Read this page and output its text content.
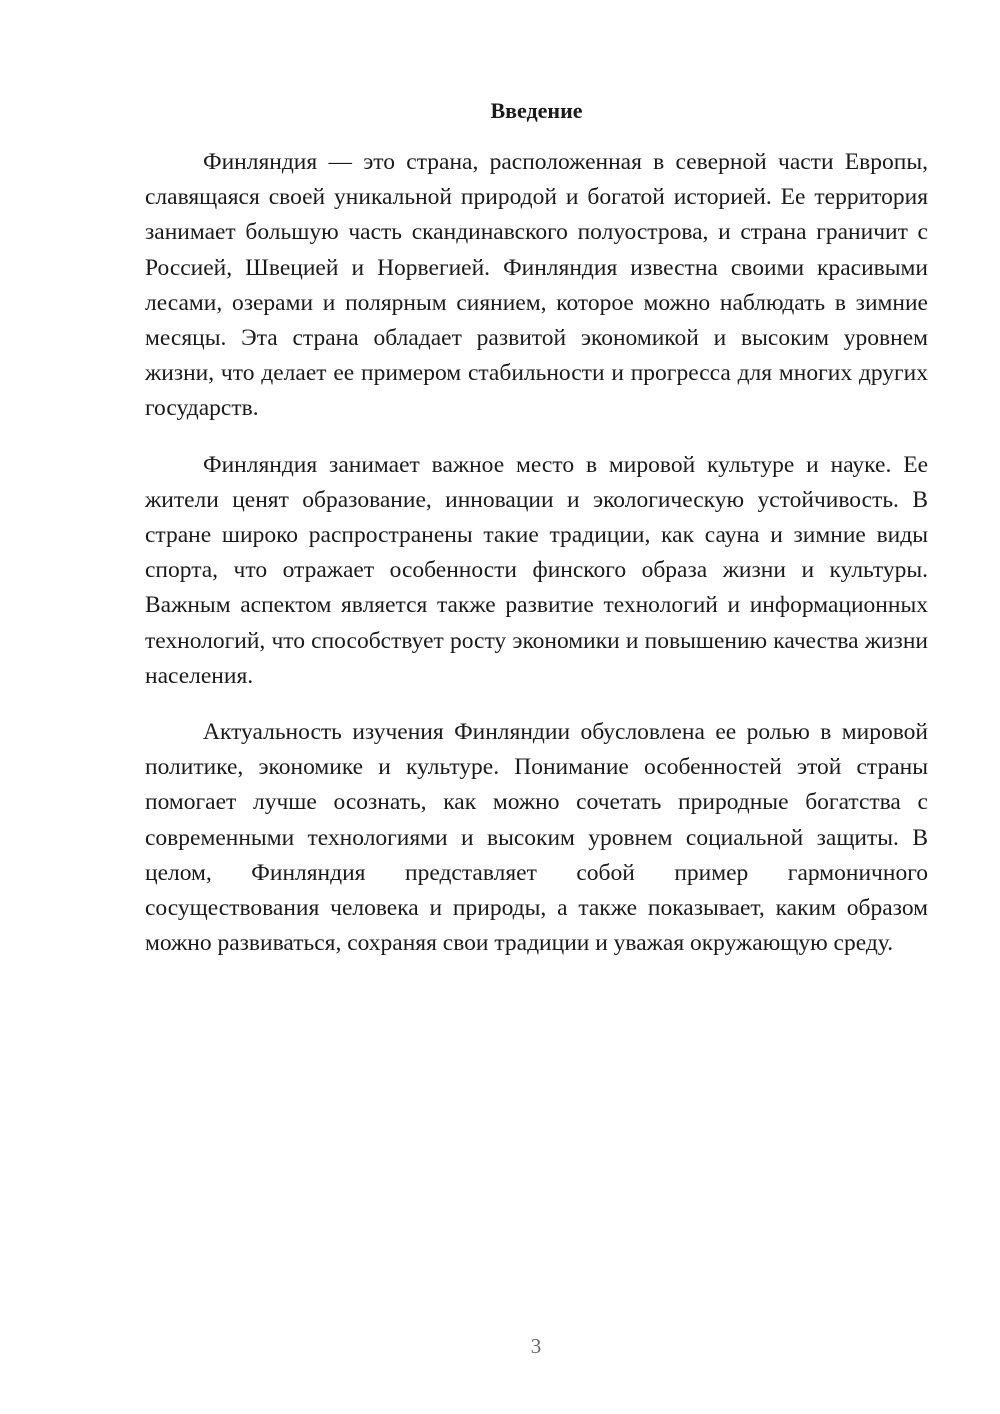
Введение

Финляндия — это страна, расположенная в северной части Европы, славящаяся своей уникальной природой и богатой историей. Ее территория занимает большую часть скандинавского полуострова, и страна граничит с Россией, Швецией и Норвегией. Финляндия известна своими красивыми лесами, озерами и полярным сиянием, которое можно наблюдать в зимние месяцы. Эта страна обладает развитой экономикой и высоким уровнем жизни, что делает ее примером стабильности и прогресса для многих других государств.

Финляндия занимает важное место в мировой культуре и науке. Ее жители ценят образование, инновации и экологическую устойчивость. В стране широко распространены такие традиции, как сауна и зимние виды спорта, что отражает особенности финского образа жизни и культуры. Важным аспектом является также развитие технологий и информационных технологий, что способствует росту экономики и повышению качества жизни населения.

Актуальность изучения Финляндии обусловлена ее ролью в мировой политике, экономике и культуре. Понимание особенностей этой страны помогает лучше осознать, как можно сочетать природные богатства с современными технологиями и высоким уровнем социальной защиты. В целом, Финляндия представляет собой пример гармоничного сосуществования человека и природы, а также показывает, каким образом можно развиваться, сохраняя свои традиции и уважая окружающую среду.

3
